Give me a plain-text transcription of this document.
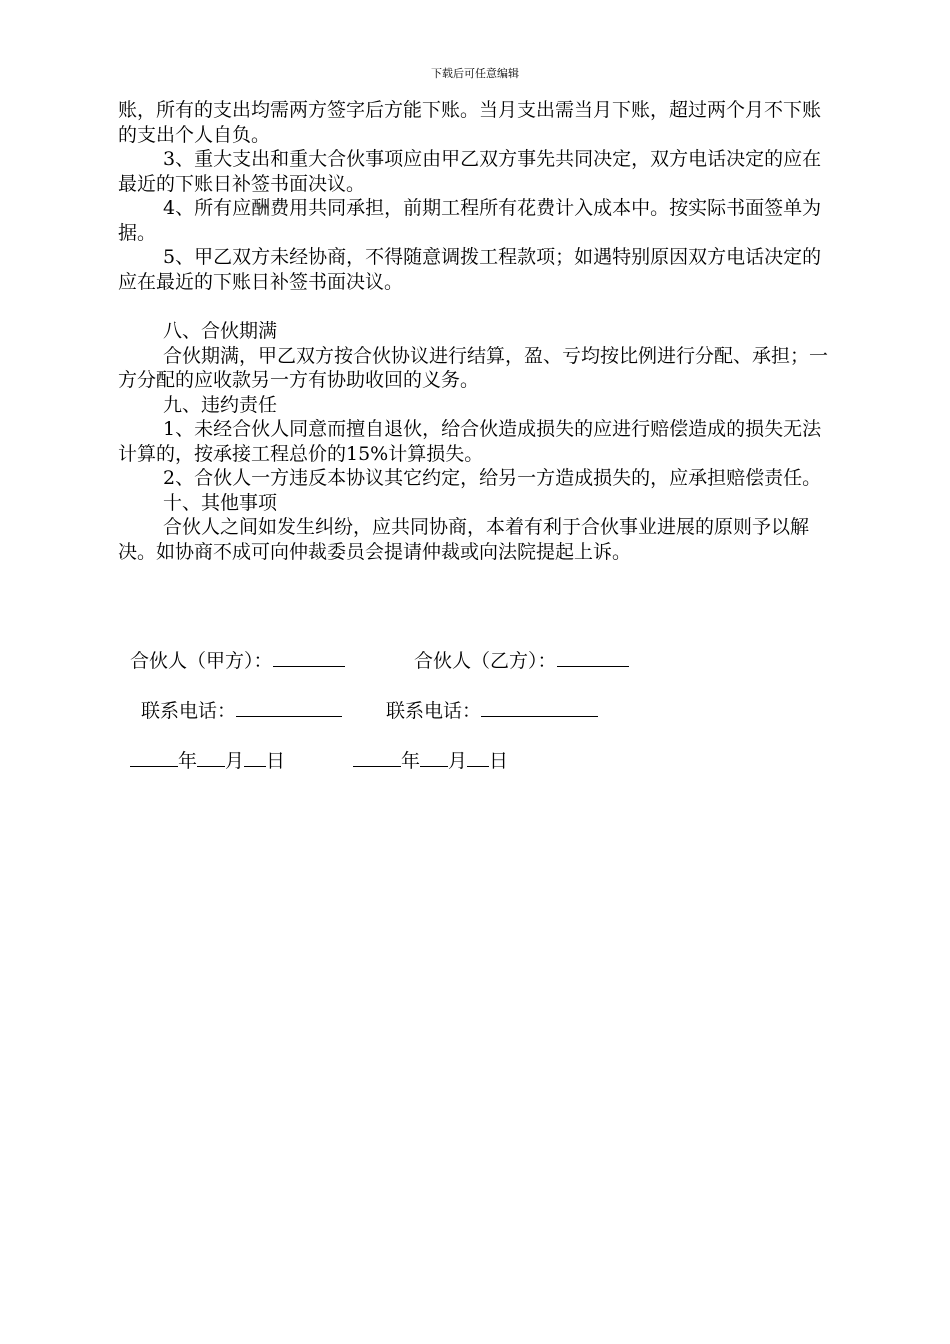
下载后可任意编辑

账，所有的支出均需两方签字后方能下账。当月支出需当月下账，超过两个月不下账的支出个人自负。

3、重大支出和重大合伙事项应由甲乙双方事先共同决定，双方电话决定的应在最近的下账日补签书面决议。

4、所有应酬费用共同承担，前期工程所有花费计入成本中。按实际书面签单为据。

5、甲乙双方未经协商，不得随意调拨工程款项；如遇特别原因双方电话决定的应在最近的下账日补签书面决议。

八、合伙期满

合伙期满，甲乙双方按合伙协议进行结算，盈、亏均按比例进行分配、承担；一方分配的应收款另一方有协助收回的义务。

九、违约责任

1、未经合伙人同意而擅自退伙，给合伙造成损失的应进行赔偿造成的损失无法计算的，按承接工程总价的15%计算损失。

2、合伙人一方违反本协议其它约定，给另一方造成损失的，应承担赔偿责任。

十、其他事项

合伙人之间如发生纠纷，应共同协商，本着有利于合伙事业进展的原则予以解决。如协商不成可向仲裁委员会提请仲裁或向法院提起上诉。

合伙人（甲方）：	合伙人（乙方）：
联系电话：	联系电话：
年 月 日	年 月 日
